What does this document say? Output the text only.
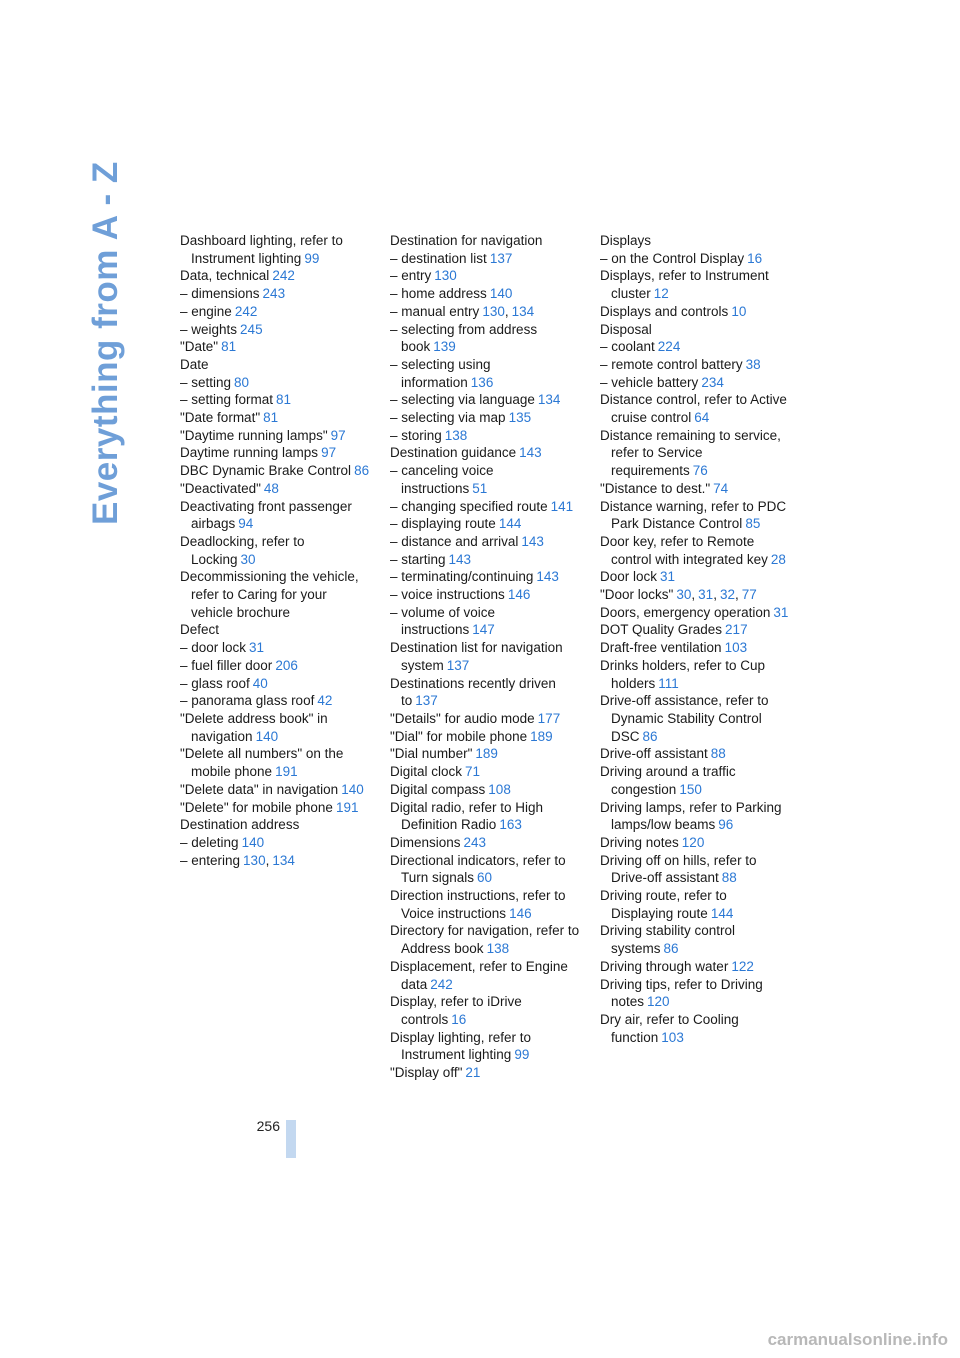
Everything from A - Z	Dashboard lighting, refer to Instrument lighting 99
Data, technical 242
– dimensions 243
– engine 242
– weights 245
"Date" 81
Date
– setting 80
– setting format 81
"Date format" 81
"Daytime running lamps" 97
Daytime running lamps 97
DBC Dynamic Brake Control 86
"Deactivated" 48
Deactivating front passenger airbags 94
Deadlocking, refer to Locking 30
Decommissioning the vehicle, refer to Caring for your vehicle brochure
Defect
– door lock 31
– fuel filler door 206
– glass roof 40
– panorama glass roof 42
"Delete address book" in navigation 140
"Delete all numbers" on the mobile phone 191
"Delete data" in navigation 140
"Delete" for mobile phone 191
Destination address
– deleting 140
– entering 130, 134
Destination for navigation
– destination list 137
– entry 130
– home address 140
– manual entry 130, 134
– selecting from address book 139
– selecting using information 136
– selecting via language 134
– selecting via map 135
– storing 138
Destination guidance 143
– canceling voice instructions 51
– changing specified route 141
– displaying route 144
– distance and arrival 143
– starting 143
– terminating/continuing 143
– voice instructions 146
– volume of voice instructions 147
Destination list for navigation system 137
Destinations recently driven to 137
"Details" for audio mode 177
"Dial" for mobile phone 189
"Dial number" 189
Digital clock 71
Digital compass 108
Digital radio, refer to High Definition Radio 163
Dimensions 243
Directional indicators, refer to Turn signals 60
Direction instructions, refer to Voice instructions 146
Directory for navigation, refer to Address book 138
Displacement, refer to Engine data 242
Display, refer to iDrive controls 16
Display lighting, refer to Instrument lighting 99
"Display off" 21
Displays
– on the Control Display 16
Displays, refer to Instrument cluster 12
Displays and controls 10
Disposal
– coolant 224
– remote control battery 38
– vehicle battery 234
Distance control, refer to Active cruise control 64
Distance remaining to service, refer to Service requirements 76
"Distance to dest." 74
Distance warning, refer to PDC Park Distance Control 85
Door key, refer to Remote control with integrated key 28
Door lock 31
"Door locks" 30, 31, 32, 77
Doors, emergency operation 31
DOT Quality Grades 217
Draft-free ventilation 103
Drinks holders, refer to Cup holders 111
Drive-off assistance, refer to Dynamic Stability Control DSC 86
Drive-off assistant 88
Driving around a traffic congestion 150
Driving lamps, refer to Parking lamps/low beams 96
Driving notes 120
Driving off on hills, refer to Drive-off assistant 88
Driving route, refer to Displaying route 144
Driving stability control systems 86
Driving through water 122
Driving tips, refer to Driving notes 120
Dry air, refer to Cooling function 103
256
carmanualsonline.info
